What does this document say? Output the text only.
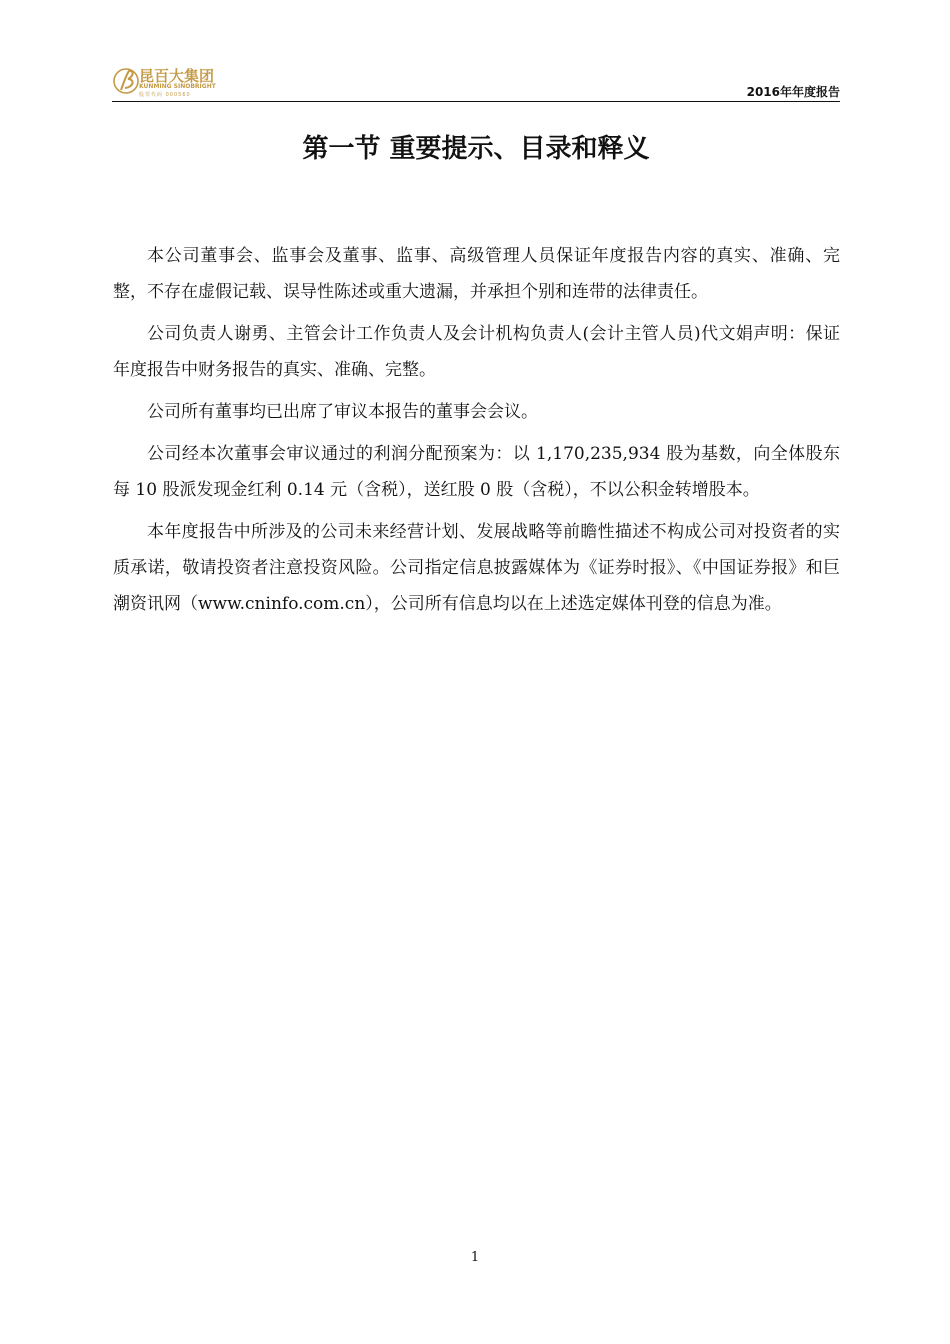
昆百大集团
KUNMING SINOBRIGHT
股票代码 000560	2016年年度报告
第一节 重要提示、目录和释义

本公司董事会、监事会及董事、监事、高级管理人员保证年度报告内容的真实、准确、完整，不存在虚假记载、误导性陈述或重大遗漏，并承担个别和连带的法律责任。

公司负责人谢勇、主管会计工作负责人及会计机构负责人(会计主管人员)代文娟声明：保证年度报告中财务报告的真实、准确、完整。

公司所有董事均已出席了审议本报告的董事会会议。

公司经本次董事会审议通过的利润分配预案为：以 1,170,235,934 股为基数，向全体股东每 10 股派发现金红利 0.14 元（含税），送红股 0 股（含税），不以公积金转增股本。

本年度报告中所涉及的公司未来经营计划、发展战略等前瞻性描述不构成公司对投资者的实质承诺，敬请投资者注意投资风险。公司指定信息披露媒体为《证券时报》、《中国证券报》和巨潮资讯网（www.cninfo.com.cn），公司所有信息均以在上述选定媒体刊登的信息为准。

1
